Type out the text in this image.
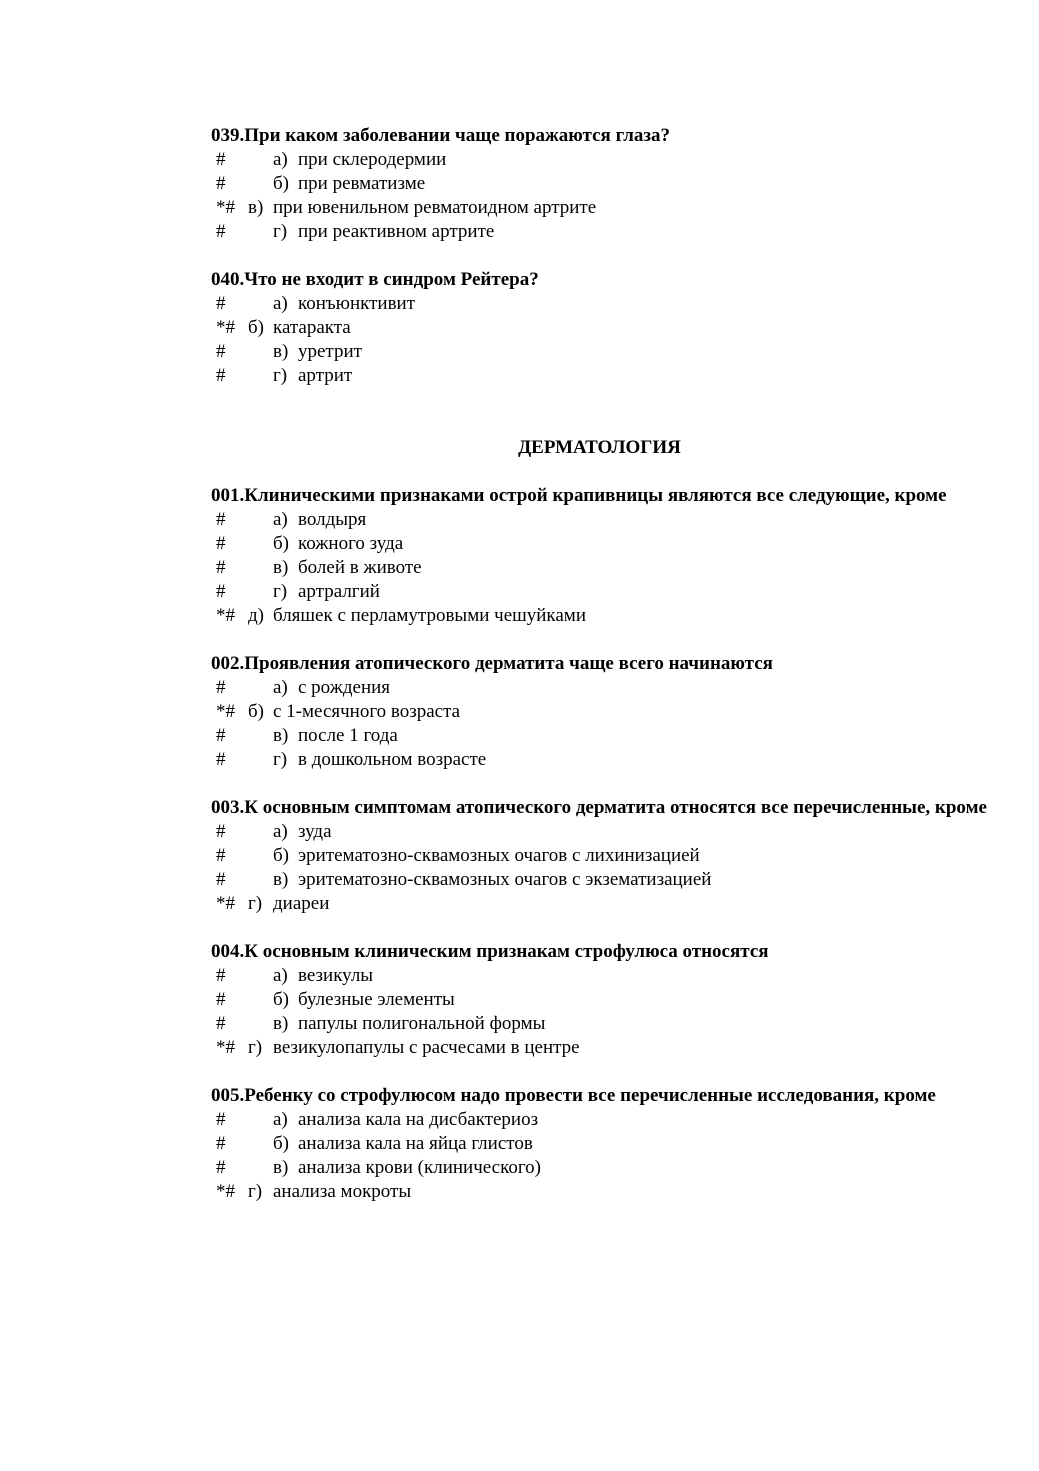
039.При каком заболевании чаще поражаются глаза?
#	а) при склеродермии
#	б) при ревматизме
*# в) при ювенильном ревматоидном артрите
#	г) при реактивном артрите
040.Что не входит в синдром Рейтера?
#	а) конъюнктивит
*# б) катаракта
#	в) уретрит
#	г) артрит
ДЕРМАТОЛОГИЯ
001.Клиническими признаками острой крапивницы являются все следующие, кроме
#	а) волдыря
#	б) кожного зуда
#	в) болей в животе
#	г) артралгий
*# д) бляшек с перламутровыми чешуйками
002.Проявления атопического дерматита чаще всего начинаются
#	а) с рождения
*# б) с 1-месячного возраста
#	в) после 1 года
#	г) в дошкольном возрасте
003.К основным симптомам атопического дерматита относятся все перечисленные, кроме
#	а) зуда
#	б) эритематозно-сквамозных очагов с лихинизацией
#	в) эритематозно-сквамозных очагов с экзематизацией
*# г) диареи
004.К основным клиническим признакам строфулюса относятся
#	а) везикулы
#	б) булезные элементы
#	в) папулы полигональной формы
*# г) везикулопапулы с расчесами в центре
005.Ребенку со строфулюсом надо провести все перечисленные исследования, кроме
#	а) анализа кала на дисбактериоз
#	б) анализа кала на яйца глистов
#	в) анализа крови (клинического)
*# г) анализа мокроты
